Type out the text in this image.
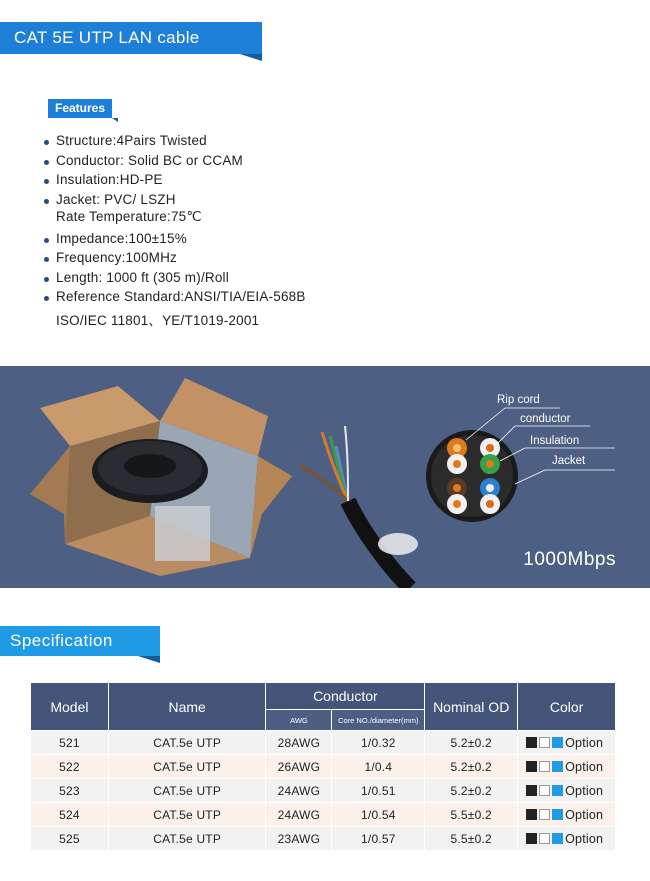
CAT 5E UTP LAN cable
Features
Structure:4Pairs Twisted
Conductor: Solid BC or CCAM
Insulation:HD-PE
Jacket: PVC/ LSZH
Impedance:100±15%
Frequency:100MHz
Length: 1000 ft (305 m)/Roll
Reference Standard:ANSI/TIA/EIA-568B
Rate Temperature:75℃
ISO/IEC 11801、YE/T1019-2001
Rip cord
conductor
Insulation
Jacket
1000Mbps
Specification
Model	Name	Conductor		Nominal OD	Color
		AWG	Core NO./diameter(mm)		
521	CAT.5e UTP	28AWG	1/0.32	5.2±0.2	Option
522	CAT.5e UTP	26AWG	1/0.4	5.2±0.2	Option
523	CAT.5e UTP	24AWG	1/0.51	5.2±0.2	Option
524	CAT.5e UTP	24AWG	1/0.54	5.5±0.2	Option
525	CAT.5e UTP	23AWG	1/0.57	5.5±0.2	Option
